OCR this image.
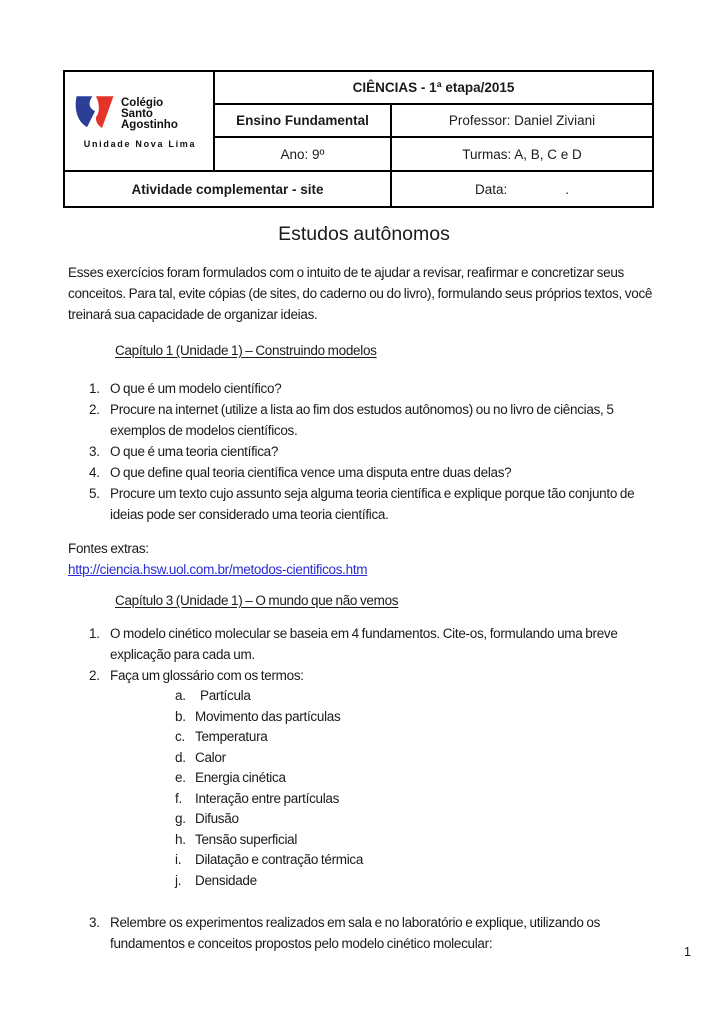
Colégio
Santo
Agostinho
Unidade Nova Lima	CIÊNCIAS - 1ª etapa/2015	
	Ensino Fundamental	Professor: Daniel Ziviani
	Ano: 9º	Turmas: A, B, C e D
Atividade complementar - site		Data: .
Estudos autônomos

Esses exercícios foram formulados com o intuito de te ajudar a revisar, reafirmar e concretizar seus conceitos. Para tal, evite cópias (de sites, do caderno ou do livro), formulando seus próprios textos, você treinará sua capacidade de organizar ideias.

Capítulo 1 (Unidade 1) – Construindo modelos
O que é um modelo científico?
Procure na internet (utilize a lista ao fim dos estudos autônomos) ou no livro de ciências, 5 exemplos de modelos científicos.
O que é uma teoria científica?
O que define qual teoria científica vence uma disputa entre duas delas?
Procure um texto cujo assunto seja alguma teoria científica e explique porque tão conjunto de ideias pode ser considerado uma teoria científica.
Fontes extras:
http://ciencia.hsw.uol.com.br/metodos-cientificos.htm
Capítulo 3 (Unidade 1) – O mundo que não vemos
O modelo cinético molecular se baseia em 4 fundamentos. Cite-os, formulando uma breve explicação para cada um.
Faça um glossário com os termos:
Partícula
Movimento das partículas
Temperatura
Calor
Energia cinética
Interação entre partículas
Difusão
Tensão superficial
Dilatação e contração térmica
Densidade
Relembre os experimentos realizados em sala e no laboratório e explique, utilizando os fundamentos e conceitos propostos pelo modelo cinético molecular:
1
